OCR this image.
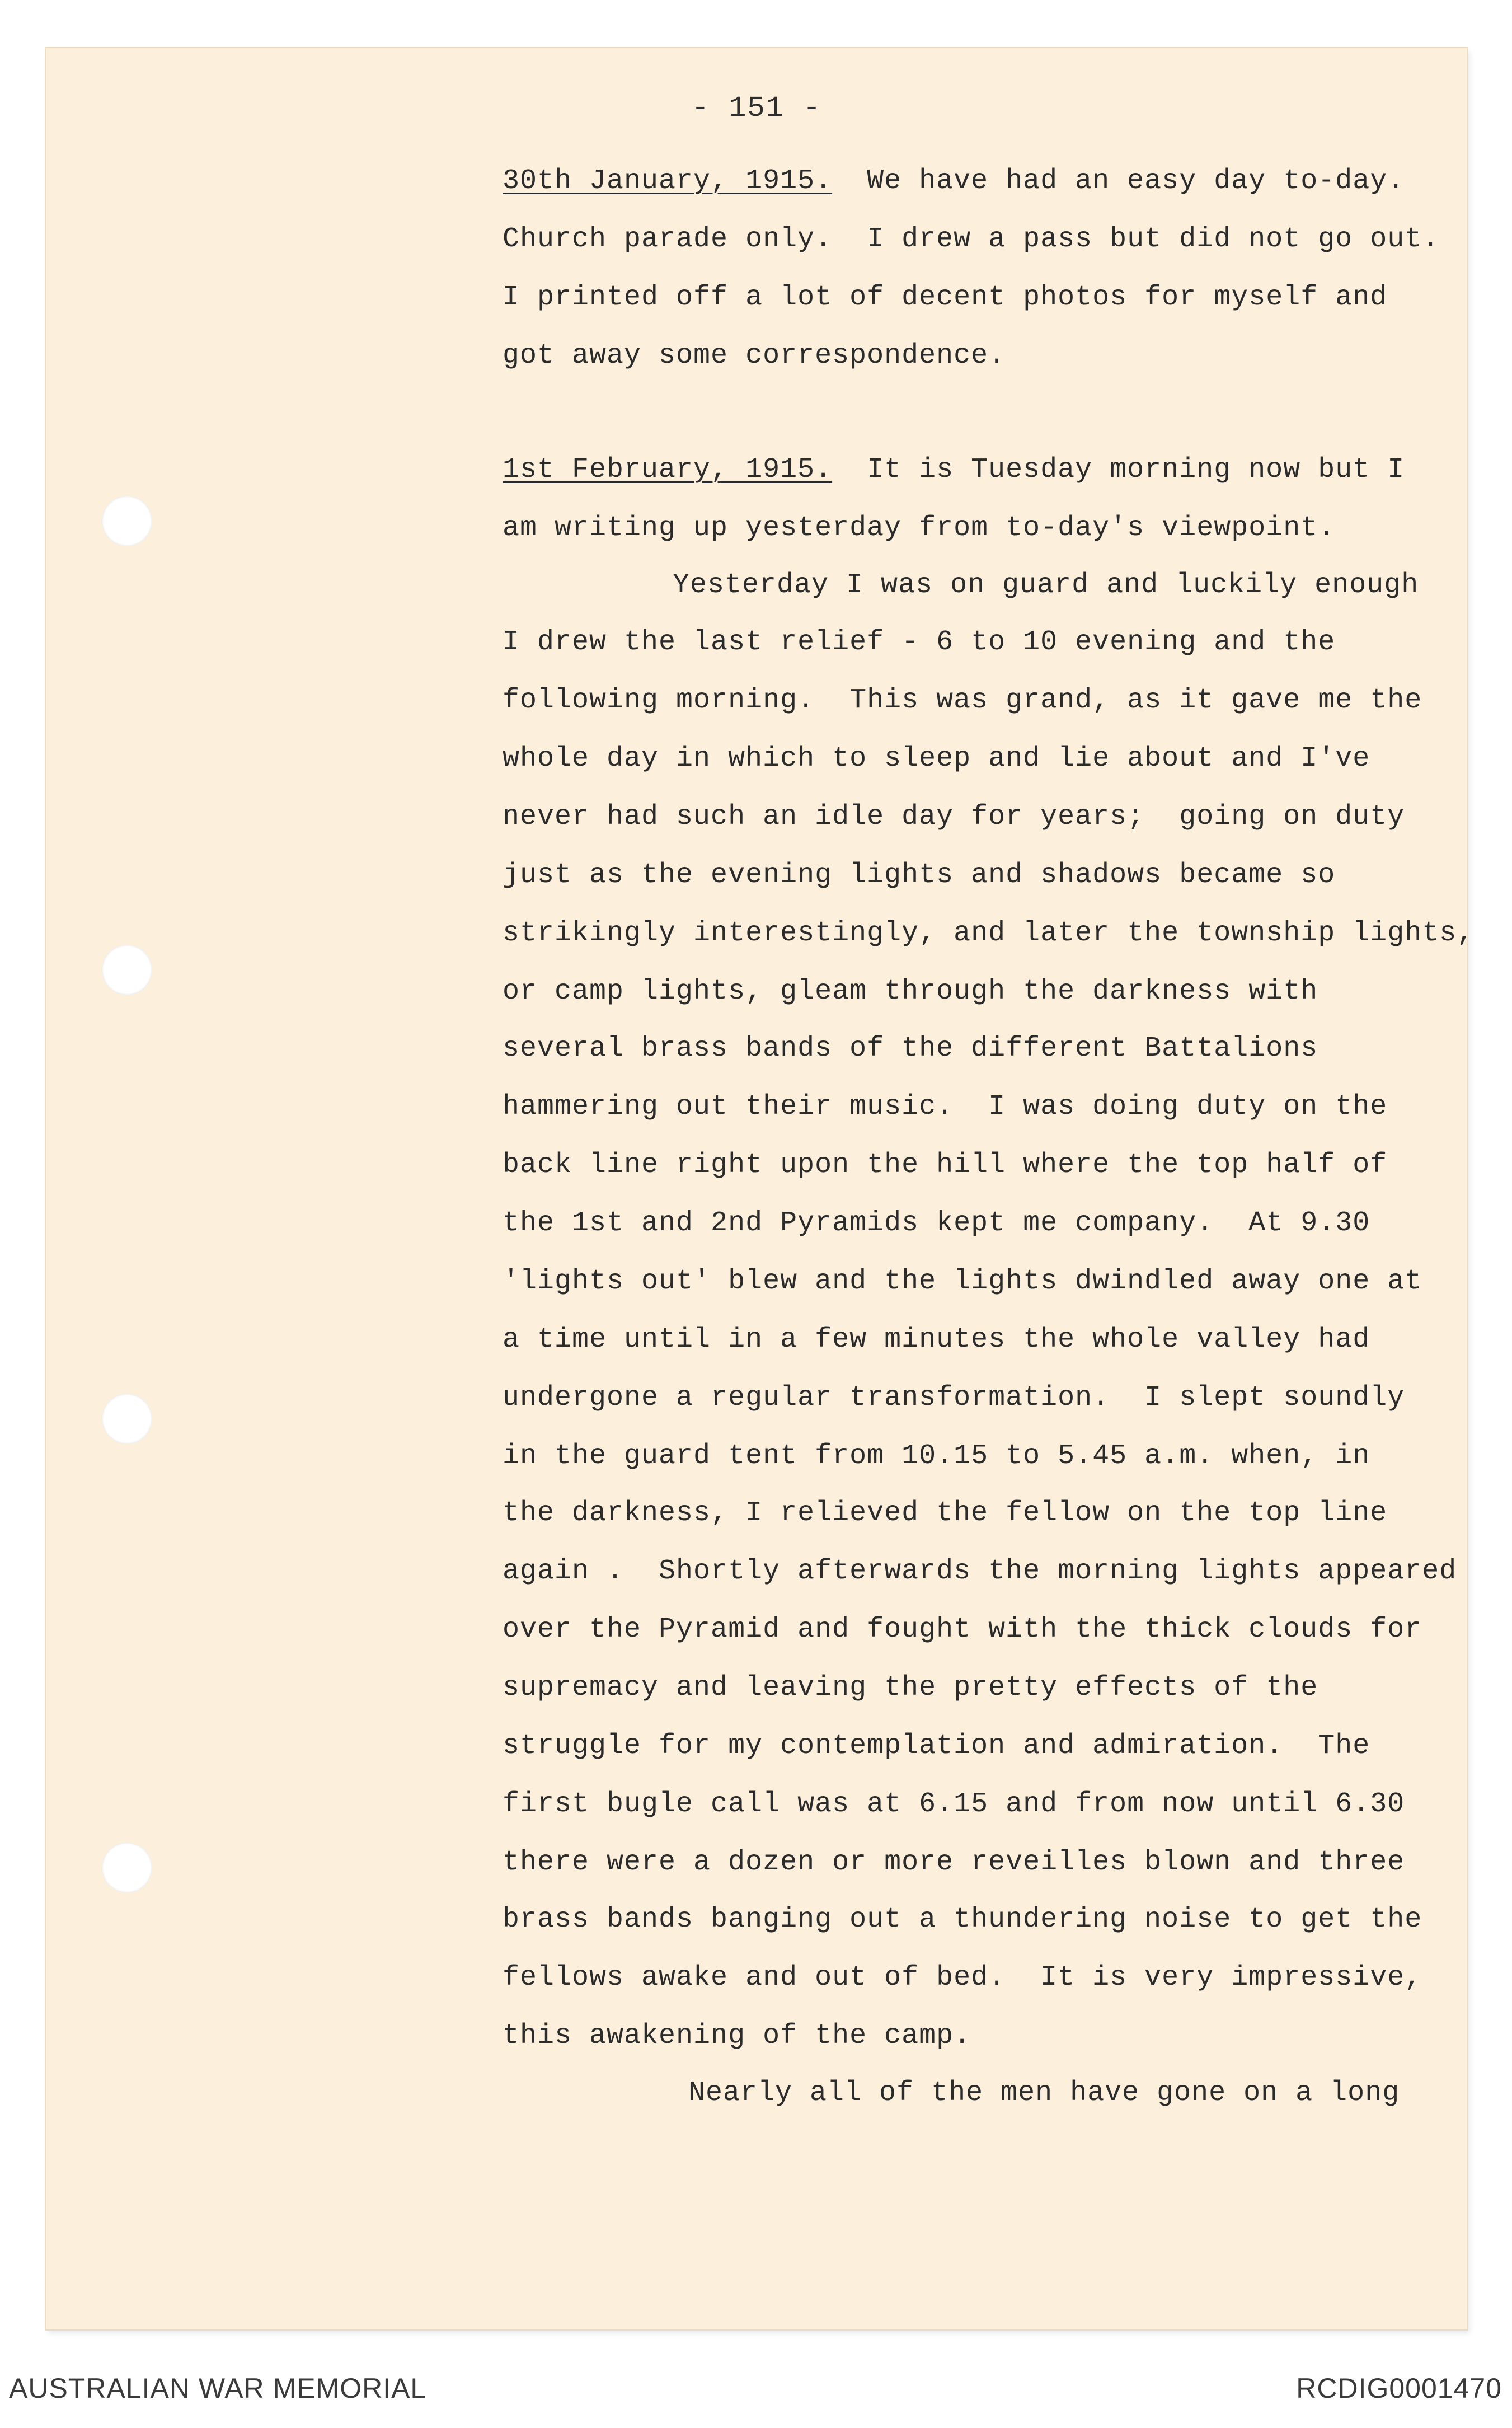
- 151 -
30th January, 1915.  We have had an easy day to-day.
Church parade only.  I drew a pass but did not go out.
I printed off a lot of decent photos for myself and
got away some correspondence.
1st February, 1915.  It is Tuesday morning now but I
am writing up yesterday from to-day's viewpoint.
Yesterday I was on guard and luckily enough
I drew the last relief - 6 to 10 evening and the
following morning.  This was grand, as it gave me the
whole day in which to sleep and lie about and I've
never had such an idle day for years;  going on duty
just as the evening lights and shadows became so
strikingly interestingly, and later the township lights,
or camp lights, gleam through the darkness with
several brass bands of the different Battalions
hammering out their music.  I was doing duty on the
back line right upon the hill where the top half of
the 1st and 2nd Pyramids kept me company.  At 9.30
'lights out' blew and the lights dwindled away one at
a time until in a few minutes the whole valley had
undergone a regular transformation.  I slept soundly
in the guard tent from 10.15 to 5.45 a.m. when, in
the darkness, I relieved the fellow on the top line
again .  Shortly afterwards the morning lights appeared
over the Pyramid and fought with the thick clouds for
supremacy and leaving the pretty effects of the
struggle for my contemplation and admiration.  The
first bugle call was at 6.15 and from now until 6.30
there were a dozen or more reveilles blown and three
brass bands banging out a thundering noise to get the
fellows awake and out of bed.  It is very impressive,
this awakening of the camp.
Nearly all of the men have gone on a long
AUSTRALIAN WAR MEMORIAL	RCDIG0001470
